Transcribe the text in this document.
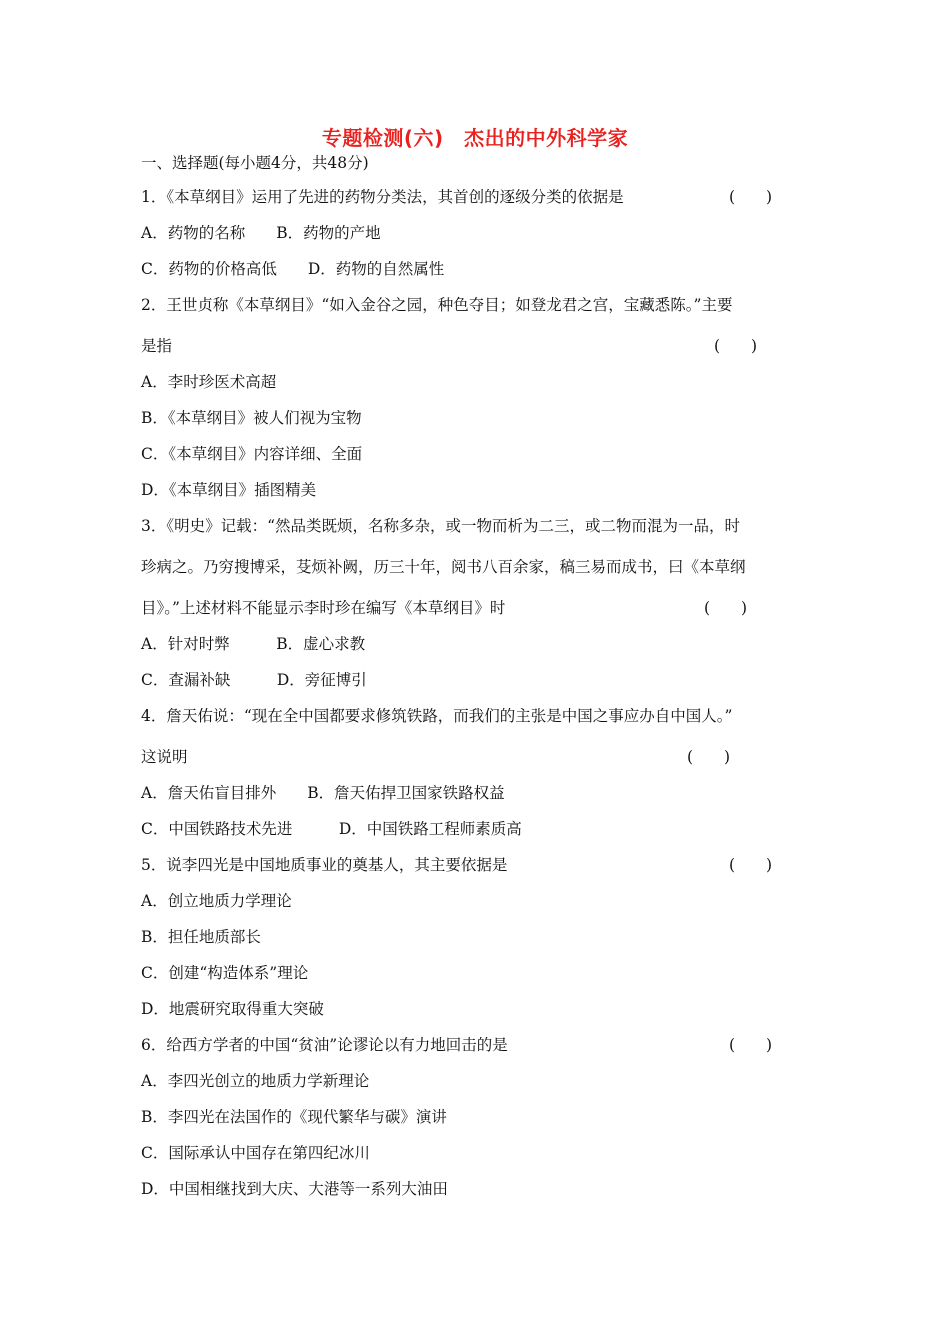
专题检测(六)　杰出的中外科学家
一、选择题(每小题4分，共48分)
1．《本草纲目》运用了先进的药物分类法，其首创的逐级分类的依据是	(　　)
A．药物的名称　　B．药物的产地
C．药物的价格高低　　D．药物的自然属性
2．王世贞称《本草纲目》“如入金谷之园，种色夺目；如登龙君之宫，宝藏悉陈。”主要
是指	(　　)
A．李时珍医术高超
B．《本草纲目》被人们视为宝物
C．《本草纲目》内容详细、全面
D．《本草纲目》插图精美
3．《明史》记载：“然品类既烦，名称多杂，或一物而析为二三，或二物而混为一品，时
珍病之。乃穷搜博采，芟烦补阙，历三十年，阅书八百余家，稿三易而成书，曰《本草纲
目》。”上述材料不能显示李时珍在编写《本草纲目》时	(　　)
A．针对时弊　　　B．虚心求教
C．查漏补缺　　　D．旁征博引
4．詹天佑说：“现在全中国都要求修筑铁路，而我们的主张是中国之事应办自中国人。”
这说明	(　　)
A．詹天佑盲目排外　　B．詹天佑捍卫国家铁路权益
C．中国铁路技术先进　　　D．中国铁路工程师素质高
5．说李四光是中国地质事业的奠基人，其主要依据是	(　　)
A．创立地质力学理论
B．担任地质部长
C．创建“构造体系”理论
D．地震研究取得重大突破
6．给西方学者的中国“贫油”论谬论以有力地回击的是	(　　)
A．李四光创立的地质力学新理论
B．李四光在法国作的《现代繁华与碳》演讲
C．国际承认中国存在第四纪冰川
D．中国相继找到大庆、大港等一系列大油田
